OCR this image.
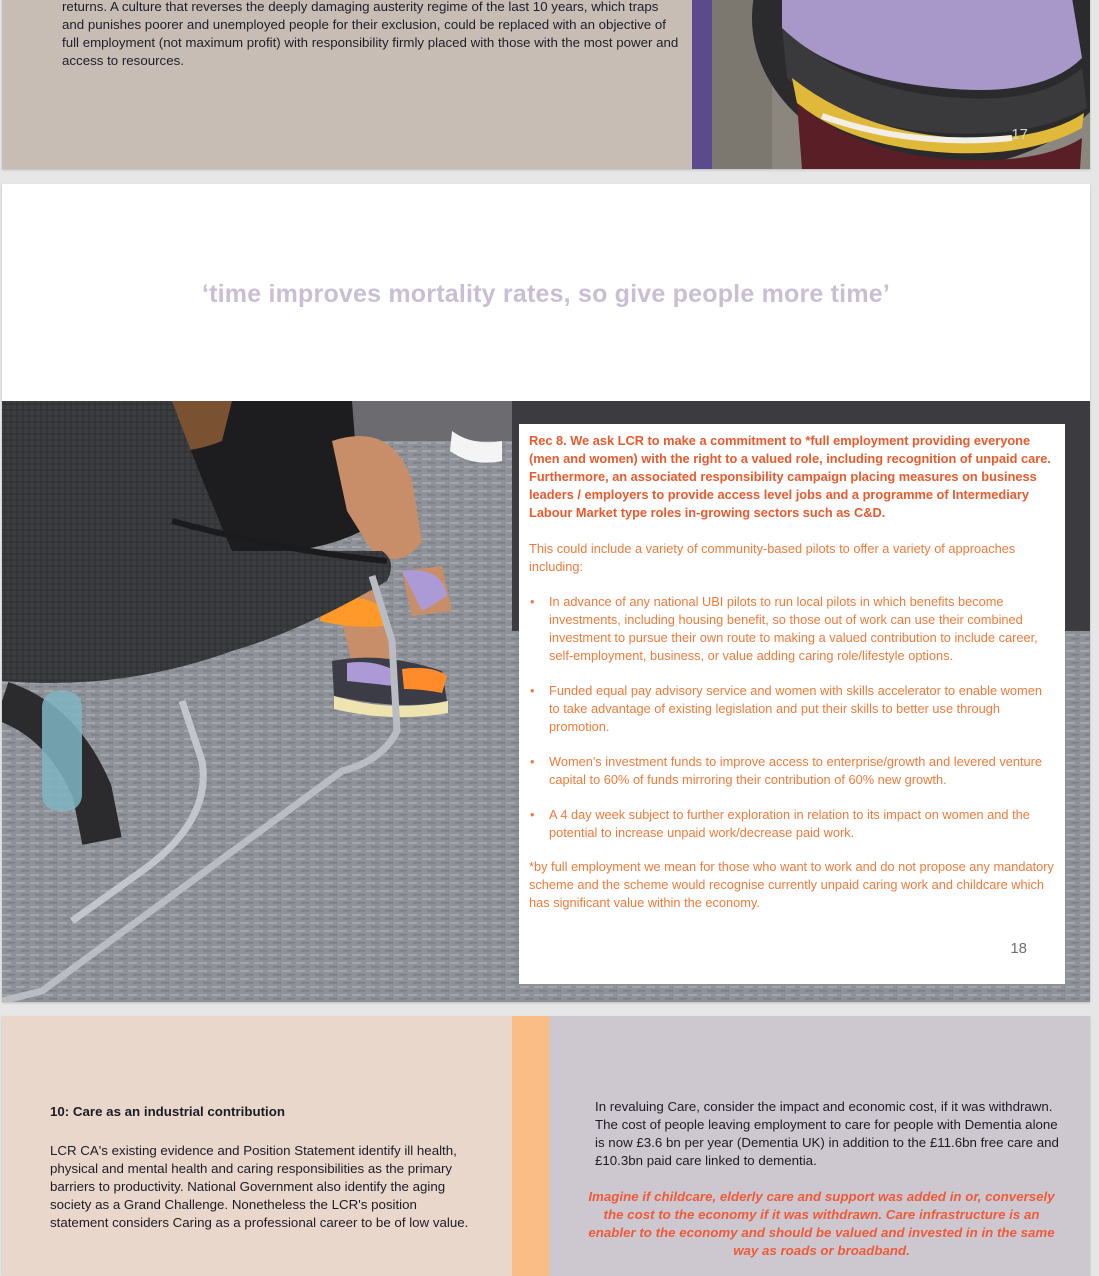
returns. A culture that reverses the deeply damaging austerity regime of the last 10 years, which traps and punishes poorer and unemployed people for their exclusion, could be replaced with an objective of full employment (not maximum profit) with responsibility firmly placed with those with the most power and access to resources.

17

‘time improves mortality rates, so give people more time’

Rec 8. We ask LCR to make a commitment to *full employment providing everyone (men and women) with the right to a valued role, including recognition of unpaid care. Furthermore, an associated responsibility campaign placing measures on business leaders / employers to provide access level jobs and a programme of Intermediary Labour Market type roles in-growing sectors such as C&D.

This could include a variety of community-based pilots to offer a variety of approaches including:

• In advance of any national UBI pilots to run local pilots in which benefits become investments, including housing benefit, so those out of work can use their combined investment to pursue their own route to making a valued contribution to include career, self-employment, business, or value adding caring role/lifestyle options.
• Funded equal pay advisory service and women with skills accelerator to enable women to take advantage of existing legislation and put their skills to better use through promotion.
• Women's investment funds to improve access to enterprise/growth and levered venture capital to 60% of funds mirroring their contribution of 60% new growth.
• A 4 day week subject to further exploration in relation to its impact on women and the potential to increase unpaid work/decrease paid work.

*by full employment we mean for those who want to work and do not propose any mandatory scheme and the scheme would recognise currently unpaid caring work and childcare which has significant value within the economy.

18

10: Care as an industrial contribution

LCR CA's existing evidence and Position Statement identify ill health, physical and mental health and caring responsibilities as the primary barriers to productivity. National Government also identify the aging society as a Grand Challenge. Nonetheless the LCR's position statement considers Caring as a professional career to be of low value.

In revaluing Care, consider the impact and economic cost, if it was withdrawn. The cost of people leaving employment to care for people with Dementia alone is now £3.6 bn per year (Dementia UK) in addition to the £11.6bn free care and £10.3bn paid care linked to dementia.

Imagine if childcare, elderly care and support was added in or, conversely the cost to the economy if it was withdrawn. Care infrastructure is an enabler to the economy and should be valued and invested in in the same way as roads or broadband.
